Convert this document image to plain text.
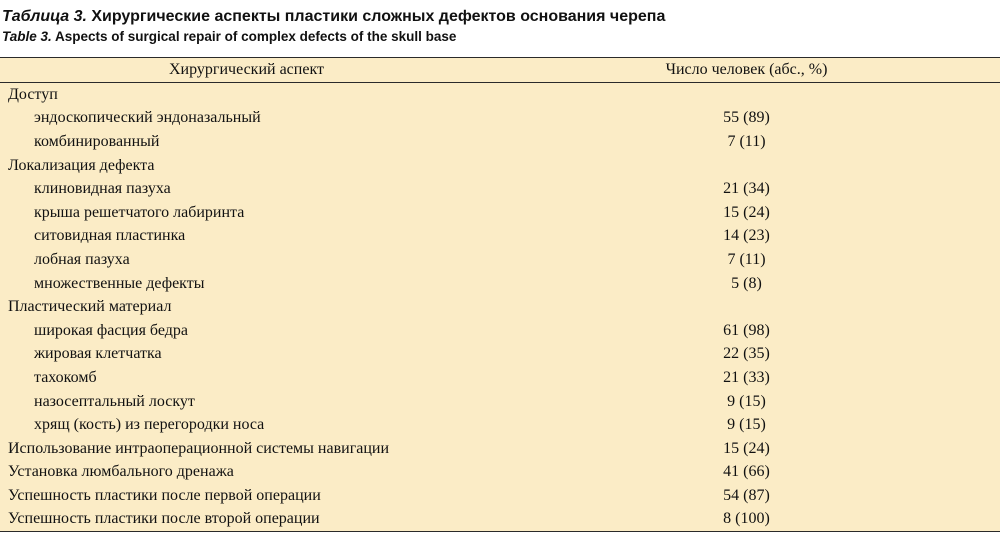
Таблица 3. Хирургические аспекты пластики сложных дефектов основания черепа
Table 3. Aspects of surgical repair of complex defects of the skull base
Хирургический аспект	Число человек (абс., %)
Доступ	
эндоскопический эндоназальный	55 (89)
комбинированный	7 (11)
Локализация дефекта	
клиновидная пазуха	21 (34)
крыша решетчатого лабиринта	15 (24)
ситовидная пластинка	14 (23)
лобная пазуха	7 (11)
множественные дефекты	5 (8)
Пластический материал	
широкая фасция бедра	61 (98)
жировая клетчатка	22 (35)
тахокомб	21 (33)
назосептальный лоскут	9 (15)
хрящ (кость) из перегородки носа	9 (15)
Использование интраоперационной системы навигации	15 (24)
Установка люмбального дренажа	41 (66)
Успешность пластики после первой операции	54 (87)
Успешность пластики после второй операции	8 (100)
